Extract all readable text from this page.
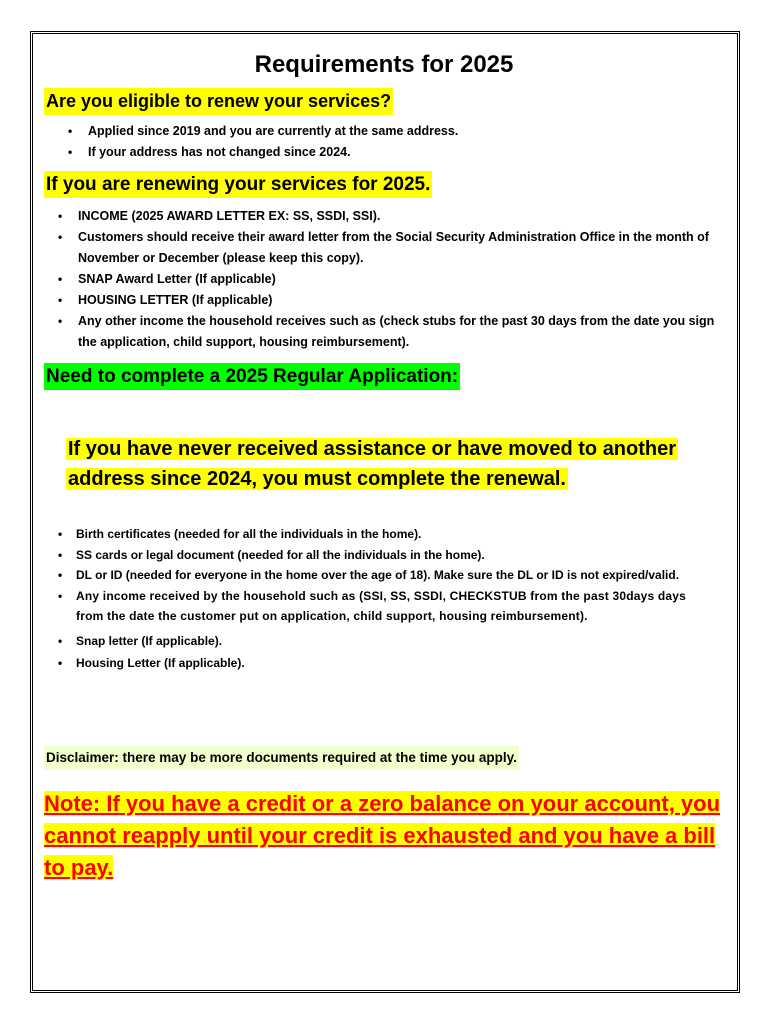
Requirements for 2025
Are you eligible to renew your services?
• Applied since 2019 and you are currently at the same address.
• If your address has not changed since 2024.
If you are renewing your services for 2025.
• INCOME (2025 AWARD LETTER EX: SS, SSDI, SSI).
• Customers should receive their award letter from the Social Security Administration Office in the month of November or December (please keep this copy).
• SNAP Award Letter (If applicable)
• HOUSING LETTER (If applicable)
• Any other income the household receives such as (check stubs for the past 30 days from the date you sign the application, child support, housing reimbursement).
Need to complete a 2025 Regular Application:
If you have never received assistance or have moved to another address since 2024, you must complete the renewal.
• Birth certificates (needed for all the individuals in the home).
• SS cards or legal document (needed for all the individuals in the home).
• DL or ID (needed for everyone in the home over the age of 18). Make sure the DL or ID is not expired/valid.
• Any income received by the household such as (SSI, SS, SSDI, CHECKSTUB from the past 30days days from the date the customer put on application, child support, housing reimbursement).
• Snap letter (If applicable).
• Housing Letter (If applicable).
Disclaimer: there may be more documents required at the time you apply.
Note: If you have a credit or a zero balance on your account, you cannot reapply until your credit is exhausted and you have a bill to pay.
